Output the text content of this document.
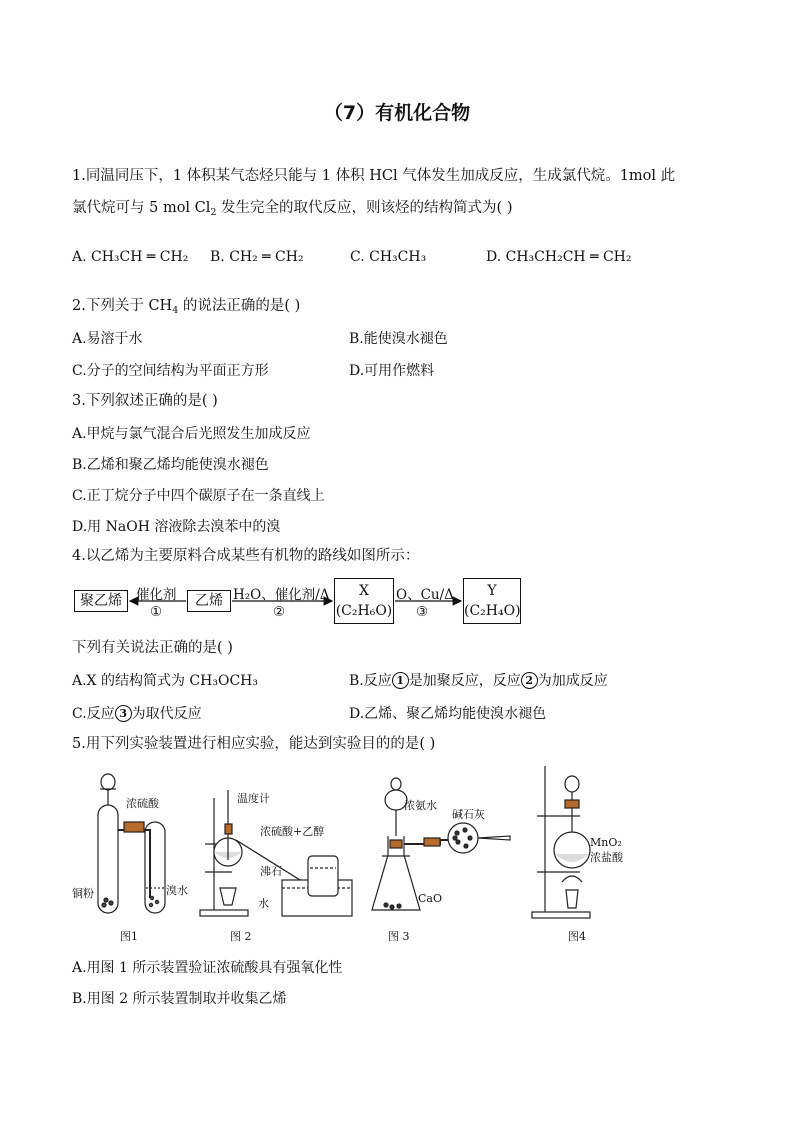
（7）有机化合物
1.同温同压下，1 体积某气态烃只能与 1 体积 HCl 气体发生加成反应，生成氯代烷。1mol 此
氯代烷可与 5 mol $Cl_2$ 发生完全的取代反应，则该烃的结构简式为( )
A. CH₃CH ═ CH₂ B. CH₂ ═ CH₂	C. CH₃CH₃	D. CH₃CH₂CH ═ CH₂
2.下列关于 $CH_4$ 的说法正确的是( )
A.易溶于水	B.能使溴水褪色
C.分子的空间结构为平面正方形	D.可用作燃料
3.下列叙述正确的是( )
A.甲烷与氯气混合后光照发生加成反应
B.乙烯和聚乙烯均能使溴水褪色
C.正丁烷分子中四个碳原子在一条直线上
D.用 NaOH 溶液除去溴苯中的溴
4.以乙烯为主要原料合成某些有机物的路线如图所示：
聚乙烯	乙烯
X
(C₂H₆O)
Y
(C₂H₄O)
催化剂
①
H₂O、催化剂/Δ
②
O、Cu/Δ
③
下列有关说法正确的是( )
A.X 的结构简式为 CH₃OCH₃	B.反应 1 是加聚反应，反应 2 为加成反应
C.反应 3 为取代反应	D.乙烯、聚乙烯均能使溴水褪色
5.用下列实验装置进行相应实验，能达到实验目的的是( )
浓硫酸
铜粉	溴水
图1
温度计
浓硫酸+乙醇
沸石
水
图 2
浓氨水
碱石灰
CaO
图 3
MnO₂
浓盐酸
图4
A.用图 1 所示装置验证浓硫酸具有强氧化性
B.用图 2 所示装置制取并收集乙烯
